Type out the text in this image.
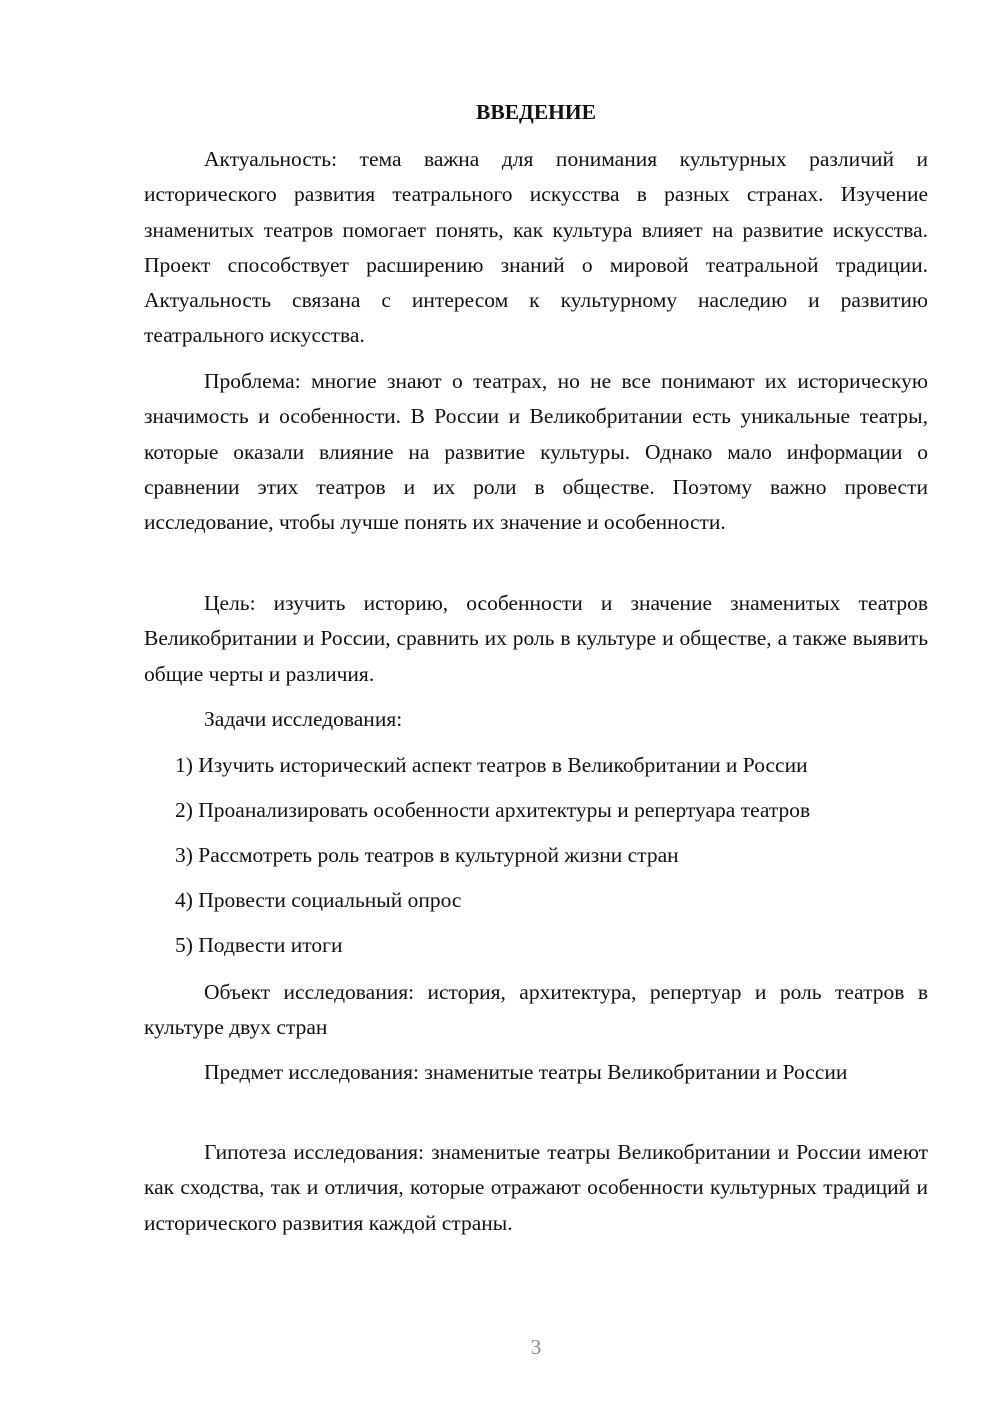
ВВЕДЕНИЕ

Актуальность: тема важна для понимания культурных различий и исторического развития театрального искусства в разных странах. Изучение знаменитых театров помогает понять, как культура влияет на развитие искусства. Проект способствует расширению знаний о мировой театральной традиции. Актуальность связана с интересом к культурному наследию и развитию театрального искусства.

Проблема: многие знают о театрах, но не все понимают их историческую значимость и особенности. В России и Великобритании есть уникальные театры, которые оказали влияние на развитие культуры. Однако мало информации о сравнении этих театров и их роли в обществе. Поэтому важно провести исследование, чтобы лучше понять их значение и особенности.

Цель: изучить историю, особенности и значение знаменитых театров Великобритании и России, сравнить их роль в культуре и обществе, а также выявить общие черты и различия.

Задачи исследования:

1) Изучить исторический аспект театров в Великобритании и России

2) Проанализировать особенности архитектуры и репертуара театров

3) Рассмотреть роль театров в культурной жизни стран

4) Провести социальный опрос

5) Подвести итоги

Объект исследования: история, архитектура, репертуар и роль театров в культуре двух стран

Предмет исследования: знаменитые театры Великобритании и России

Гипотеза исследования: знаменитые театры Великобритании и России имеют как сходства, так и отличия, которые отражают особенности культурных традиций и исторического развития каждой страны.

3
